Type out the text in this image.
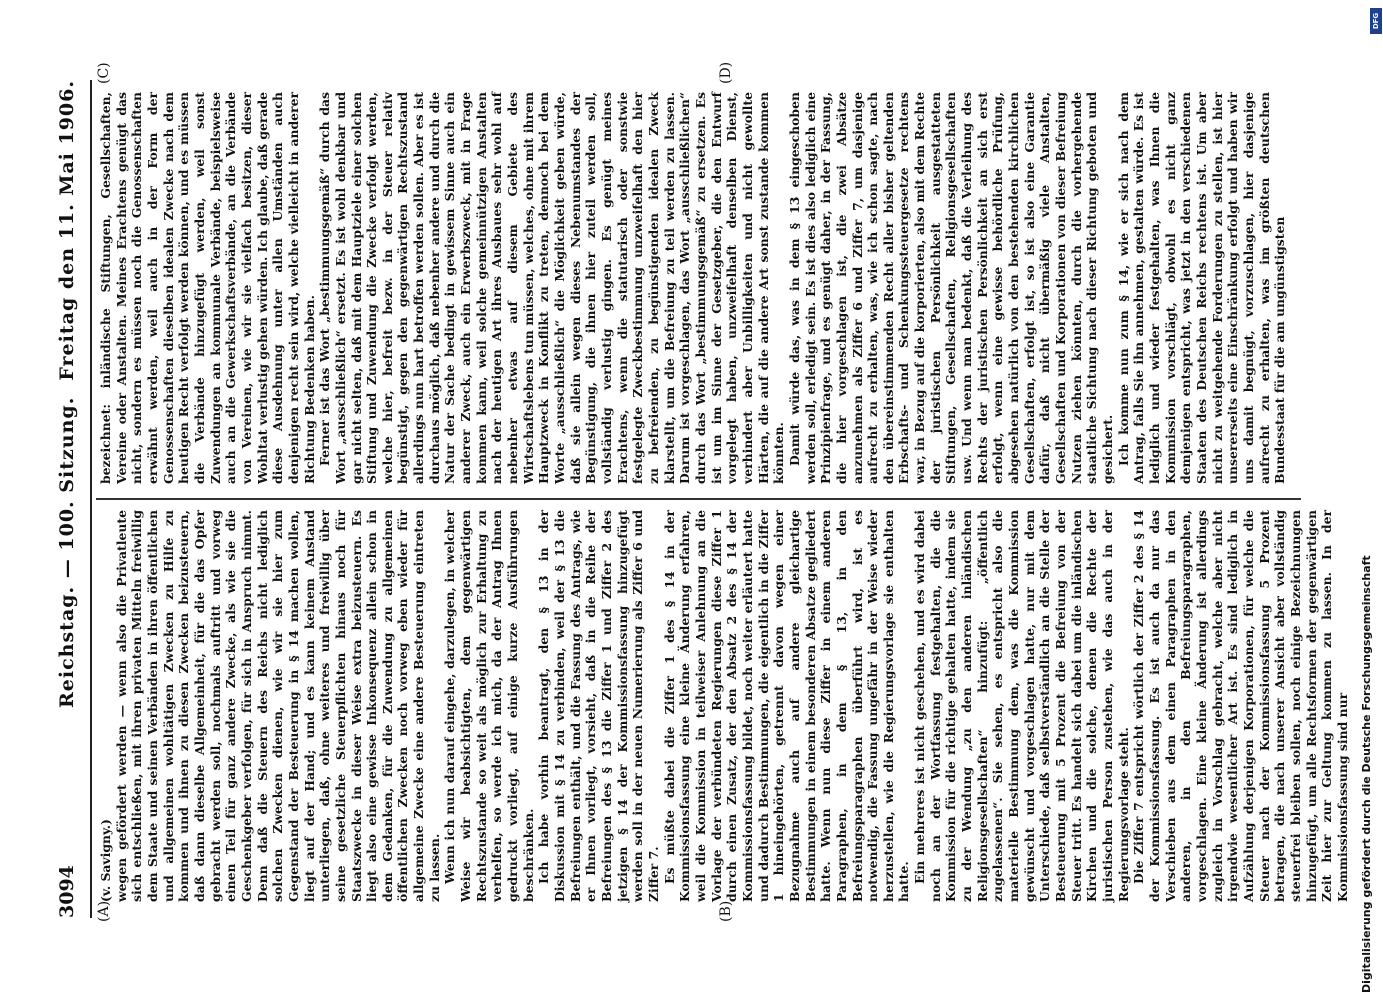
3094
Reichstag. — 100. Sitzung.
Freitag den 11. Mai 1906.
(A)	(B)
(C)	(D)

(v. Savigny.) wegen gefördert werden — wenn also die Privatleute sich entschließen, mit ihren privaten Mitteln freiwillig dem Staate und seinen Verbänden in ihren öffentlichen und allgemeinen wohltätigen Zwecken zu Hilfe zu kommen und ihnen zu diesen Zwecken beizusteuern, daß dann dieselbe Allgemeinheit, für die das Opfer gebracht werden soll, nochmals auftritt und vorweg einen Teil für ganz andere Zwecke, als wie sie die Geschenkgeber verfolgen, für sich in Anspruch nimmt. Denn daß die Steuern des Reichs nicht lediglich solchen Zwecken dienen, wie wir sie hier zum Gegenstand der Besteuerung in § 14 machen wollen, liegt auf der Hand; und es kann keinem Anstand unterliegen, daß, ohne weiteres und freiwillig über seine gesetzliche Steuerpflichten hinaus noch für Staatszwecke in dieser Weise extra beizusteuern. Es liegt also eine gewisse Inkonsequenz allein schon in dem Gedanken, für die Zuwendung zu allgemeinen öffentlichen Zwecken noch vorweg eben wieder für allgemeine Zwecke eine andere Besteuerung eintreten zu lassen. Wenn ich nun darauf eingehe, darzulegen, in welcher Weise wir beabsichtigten, dem gegenwärtigen Rechtszustande so weit als möglich zur Erhaltung zu verhelfen, so werde ich mich, da der Antrag Ihnen gedruckt vorliegt, auf einige kurze Ausführungen beschränken. Ich habe vorhin beantragt, den § 13 in der Diskussion mit § 14 zu verbinden, weil der § 13 die Befreiungen enthält, und die Fassung des Antrags, wie er Ihnen vorliegt, vorsieht, daß in die Reihe der Befreiungen des § 13 die Ziffer 1 und Ziffer 2 des jetzigen § 14 der Kommissionsfassung hinzugefügt werden soll in der neuen Numerierung als Ziffer 6 und Ziffer 7. Es müßte dabei die Ziffer 1 des § 14 in der Kommissionsfassung eine kleine Änderung erfahren, weil die Kommission in teilweiser Anlehnung an die Vorlage der verbündeten Regierungen diese Ziffer 1 durch einen Zusatz, der den Absatz 2 des § 14 der Kommissionsfassung bildet, noch weiter erläutert hatte und dadurch Bestimmungen, die eigentlich in die Ziffer 1 hineingehörten, getrennt davon wegen einer Bezugnahme auch auf andere gleichartige Bestimmungen in einem besonderen Absatze gegliedert hatte. Wenn nun diese Ziffer in einem anderen Paragraphen, in dem § 13, in den Befreiungsparagraphen überführt wird, ist es notwendig, die Fassung ungefähr in der Weise wieder herzustellen, wie die Regierungsvorlage sie enthalten hatte. Ein mehreres ist nicht geschehen, und es wird dabei noch an der Wortfassung festgehalten, die die Kommission für die richtige gehalten hatte, indem sie zu der Wendung „zu den anderen inländischen Religionsgesellschaften“ hinzufügt: „öffentlich zugelassenen“. Sie sehen, es entspricht also die materielle Bestimmung dem, was die Kommission gewünscht und vorgeschlagen hatte, nur mit dem Unterschiede, daß selbstverständlich an die Stelle der Besteuerung mit 5 Prozent die Befreiung von der Steuer tritt. Es handelt sich dabei um die inländischen Kirchen und die solche, denen die Rechte der juristischen Person zustehen, wie das auch in der Regierungsvorlage steht. Die Ziffer 7 entspricht wörtlich der Ziffer 2 des § 14 der Kommissionsfassung. Es ist auch da nur das Verschieben aus dem einen Paragraphen in den anderen, in den Befreiungsparagraphen, vorgeschlagen. Eine kleine Änderung ist allerdings zugleich in Vorschlag gebracht, welche aber nicht irgendwie wesentlicher Art ist. Es sind lediglich in Aufzählung derjenigen Korporationen, für welche die Steuer nach der Kommissionsfassung 5 Prozent betragen, die nach unserer Ansicht aber vollständig steuerfrei bleiben sollen, noch einige Bezeichnungen hinzugefügt, um alle Rechtsformen der gegenwärtigen Zeit hier zur Geltung kommen zu lassen. In der Kommissionsfassung sind nur

bezeichnet: inländische Stiftungen, Gesellschaften, Vereine oder Anstalten. Meines Erachtens genügt das nicht, sondern es müssen noch die Genossenschaften erwähnt werden, weil auch in der Form der Genossenschaften dieselben idealen Zwecke nach dem heutigen Recht verfolgt werden können, und es müssen die Verbände hinzugefügt werden, weil sonst Zuwendungen an kommunale Verbände, beispielsweise auch an die Gewerkschaftsverbände, an die Verbände von Vereinen, wie wir sie vielfach besitzen, dieser Wohltat verlustig gehen würden. Ich glaube, daß gerade diese Ausdehnung unter allen Umständen auch denjenigen recht sein wird, welche vielleicht in anderer Richtung Bedenken haben. Ferner ist das Wort „bestimmungsgemäß“ durch das Wort „ausschließlich“ ersetzt. Es ist wohl denkbar und gar nicht selten, daß mit dem Hauptziele einer solchen Stiftung und Zuwendung die Zwecke verfolgt werden, welche hier, befreit bezw. in der Steuer relativ begünstigt, gegen den gegenwärtigen Rechtszustand allerdings nun hart betroffen werden sollen. Aber es ist durchaus möglich, daß nebenher andere und durch die Natur der Sache bedingt in gewissem Sinne auch ein anderer Zweck, auch ein Erwerbszweck, mit in Frage kommen kann, weil solche gemeinnützigen Anstalten nach der heutigen Art ihres Ausbaues sehr wohl auf nebenher etwas auf diesem Gebiete des Wirtschaftslebens tun müssen, welches, ohne mit ihrem Hauptzweck in Konflikt zu treten, dennoch bei dem Worte „ausschließlich“ die Möglichkeit geben würde, daß sie allein wegen dieses Nebenumstandes der Begünstigung, die ihnen hier zuteil werden soll, vollständig verlustig gingen. Es genügt meines Erachtens, wenn die statutarisch oder sonstwie festgelegte Zweckbestimmung unzweifelhaft den hier zu befreienden, zu begünstigenden idealen Zweck klarstellt, um die Befreiung zu teil werden zu lassen. Darum ist vorgeschlagen, das Wort „ausschließlichen“ durch das Wort „bestimmungsgemäß“ zu ersetzen. Es ist um im Sinne der Gesetzgeber, die den Entwurf vorgelegt haben, unzweifelhaft denselben Dienst, verhindert aber Unbilligkeiten und nicht gewollte Härten, die auf die andere Art sonst zustande kommen könnten. Damit würde das, was in dem § 13 eingeschoben werden soll, erledigt sein. Es ist dies also lediglich eine Prinzipienfrage, und es genügt daher, in der Fassung, die hier vorgeschlagen ist, die zwei Absätze anzunehmen als Ziffer 6 und Ziffer 7, um dasjenige aufrecht zu erhalten, was, wie ich schon sagte, nach den übereinstimmenden Recht aller bisher geltenden Erbschafts- und Schenkungssteuergesetze rechtens war, in Bezug auf die korporierten, also mit dem Rechte der juristischen Persönlichkeit ausgestatteten Stiftungen, Gesellschaften, Religionsgesellschaften usw. Und wenn man bedenkt, daß die Verleihung des Rechts der juristischen Persönlichkeit an sich erst erfolgt, wenn eine gewisse behördliche Prüfung, abgesehen natürlich von den bestehenden kirchlichen Gesellschaften, erfolgt ist, so ist also eine Garantie dafür, daß nicht übermäßig viele Anstalten, Gesellschaften und Korporationen von dieser Befreiung Nutzen ziehen könnten, durch die vorhergehende staatliche Sichtung nach dieser Richtung geboten und gesichert. Ich komme nun zum § 14, wie er sich nach dem Antrag, falls Sie ihn annehmen, gestalten würde. Es ist lediglich und wieder festgehalten, was Ihnen die Kommission vorschlägt, obwohl es nicht ganz demjenigen entspricht, was jetzt in den verschiedenen Staaten des Deutschen Reichs rechtens ist. Um aber nicht zu weitgehende Forderungen zu stellen, ist hier unsererseits eine Einschränkung erfolgt und haben wir uns damit begnügt, vorzuschlagen, hier dasjenige aufrecht zu erhalten, was im größten deutschen Bundesstaat für die am ungünstigsten

Digitalisierung gefördert durch die Deutsche Forschungsgemeinschaft
DFG
